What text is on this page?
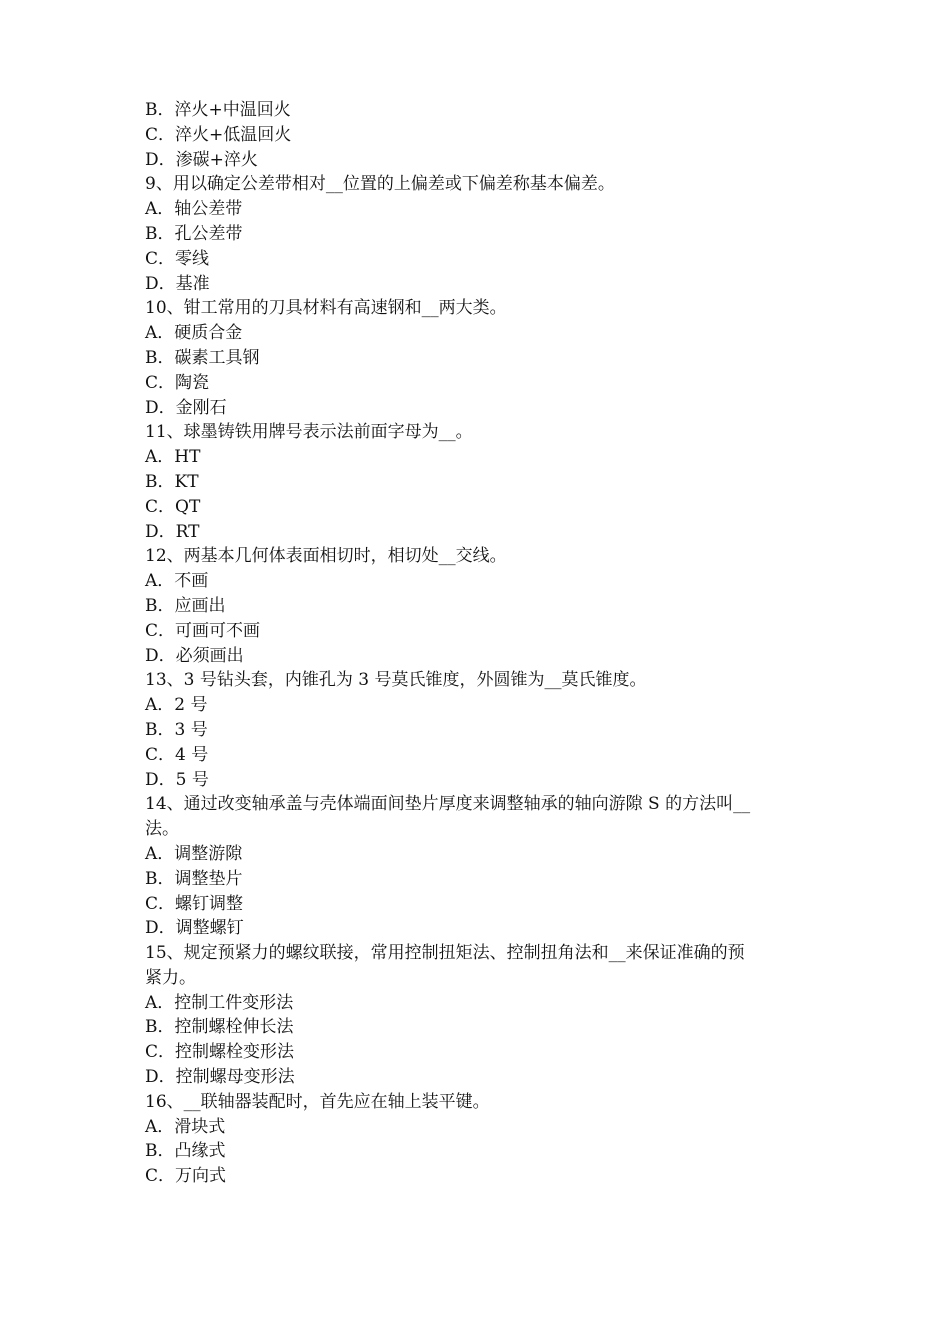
B．淬火+中温回火
C．淬火+低温回火
D．渗碳+淬火
9、用以确定公差带相对__位置的上偏差或下偏差称基本偏差。
A．轴公差带
B．孔公差带
C．零线
D．基准
10、钳工常用的刀具材料有高速钢和__两大类。
A．硬质合金
B．碳素工具钢
C．陶瓷
D．金刚石
11、球墨铸铁用牌号表示法前面字母为__。
A．HT
B．KT
C．QT
D．RT
12、两基本几何体表面相切时，相切处__交线。
A．不画
B．应画出
C．可画可不画
D．必须画出
13、3 号钻头套，内锥孔为 3 号莫氏锥度，外圆锥为__莫氏锥度。
A．2 号
B．3 号
C．4 号
D．5 号
14、通过改变轴承盖与壳体端面间垫片厚度来调整轴承的轴向游隙 S 的方法叫__
法。
A．调整游隙
B．调整垫片
C．螺钉调整
D．调整螺钉
15、规定预紧力的螺纹联接，常用控制扭矩法、控制扭角法和__来保证准确的预
紧力。
A．控制工件变形法
B．控制螺栓伸长法
C．控制螺栓变形法
D．控制螺母变形法
16、__联轴器装配时，首先应在轴上装平键。
A．滑块式
B．凸缘式
C．万向式
